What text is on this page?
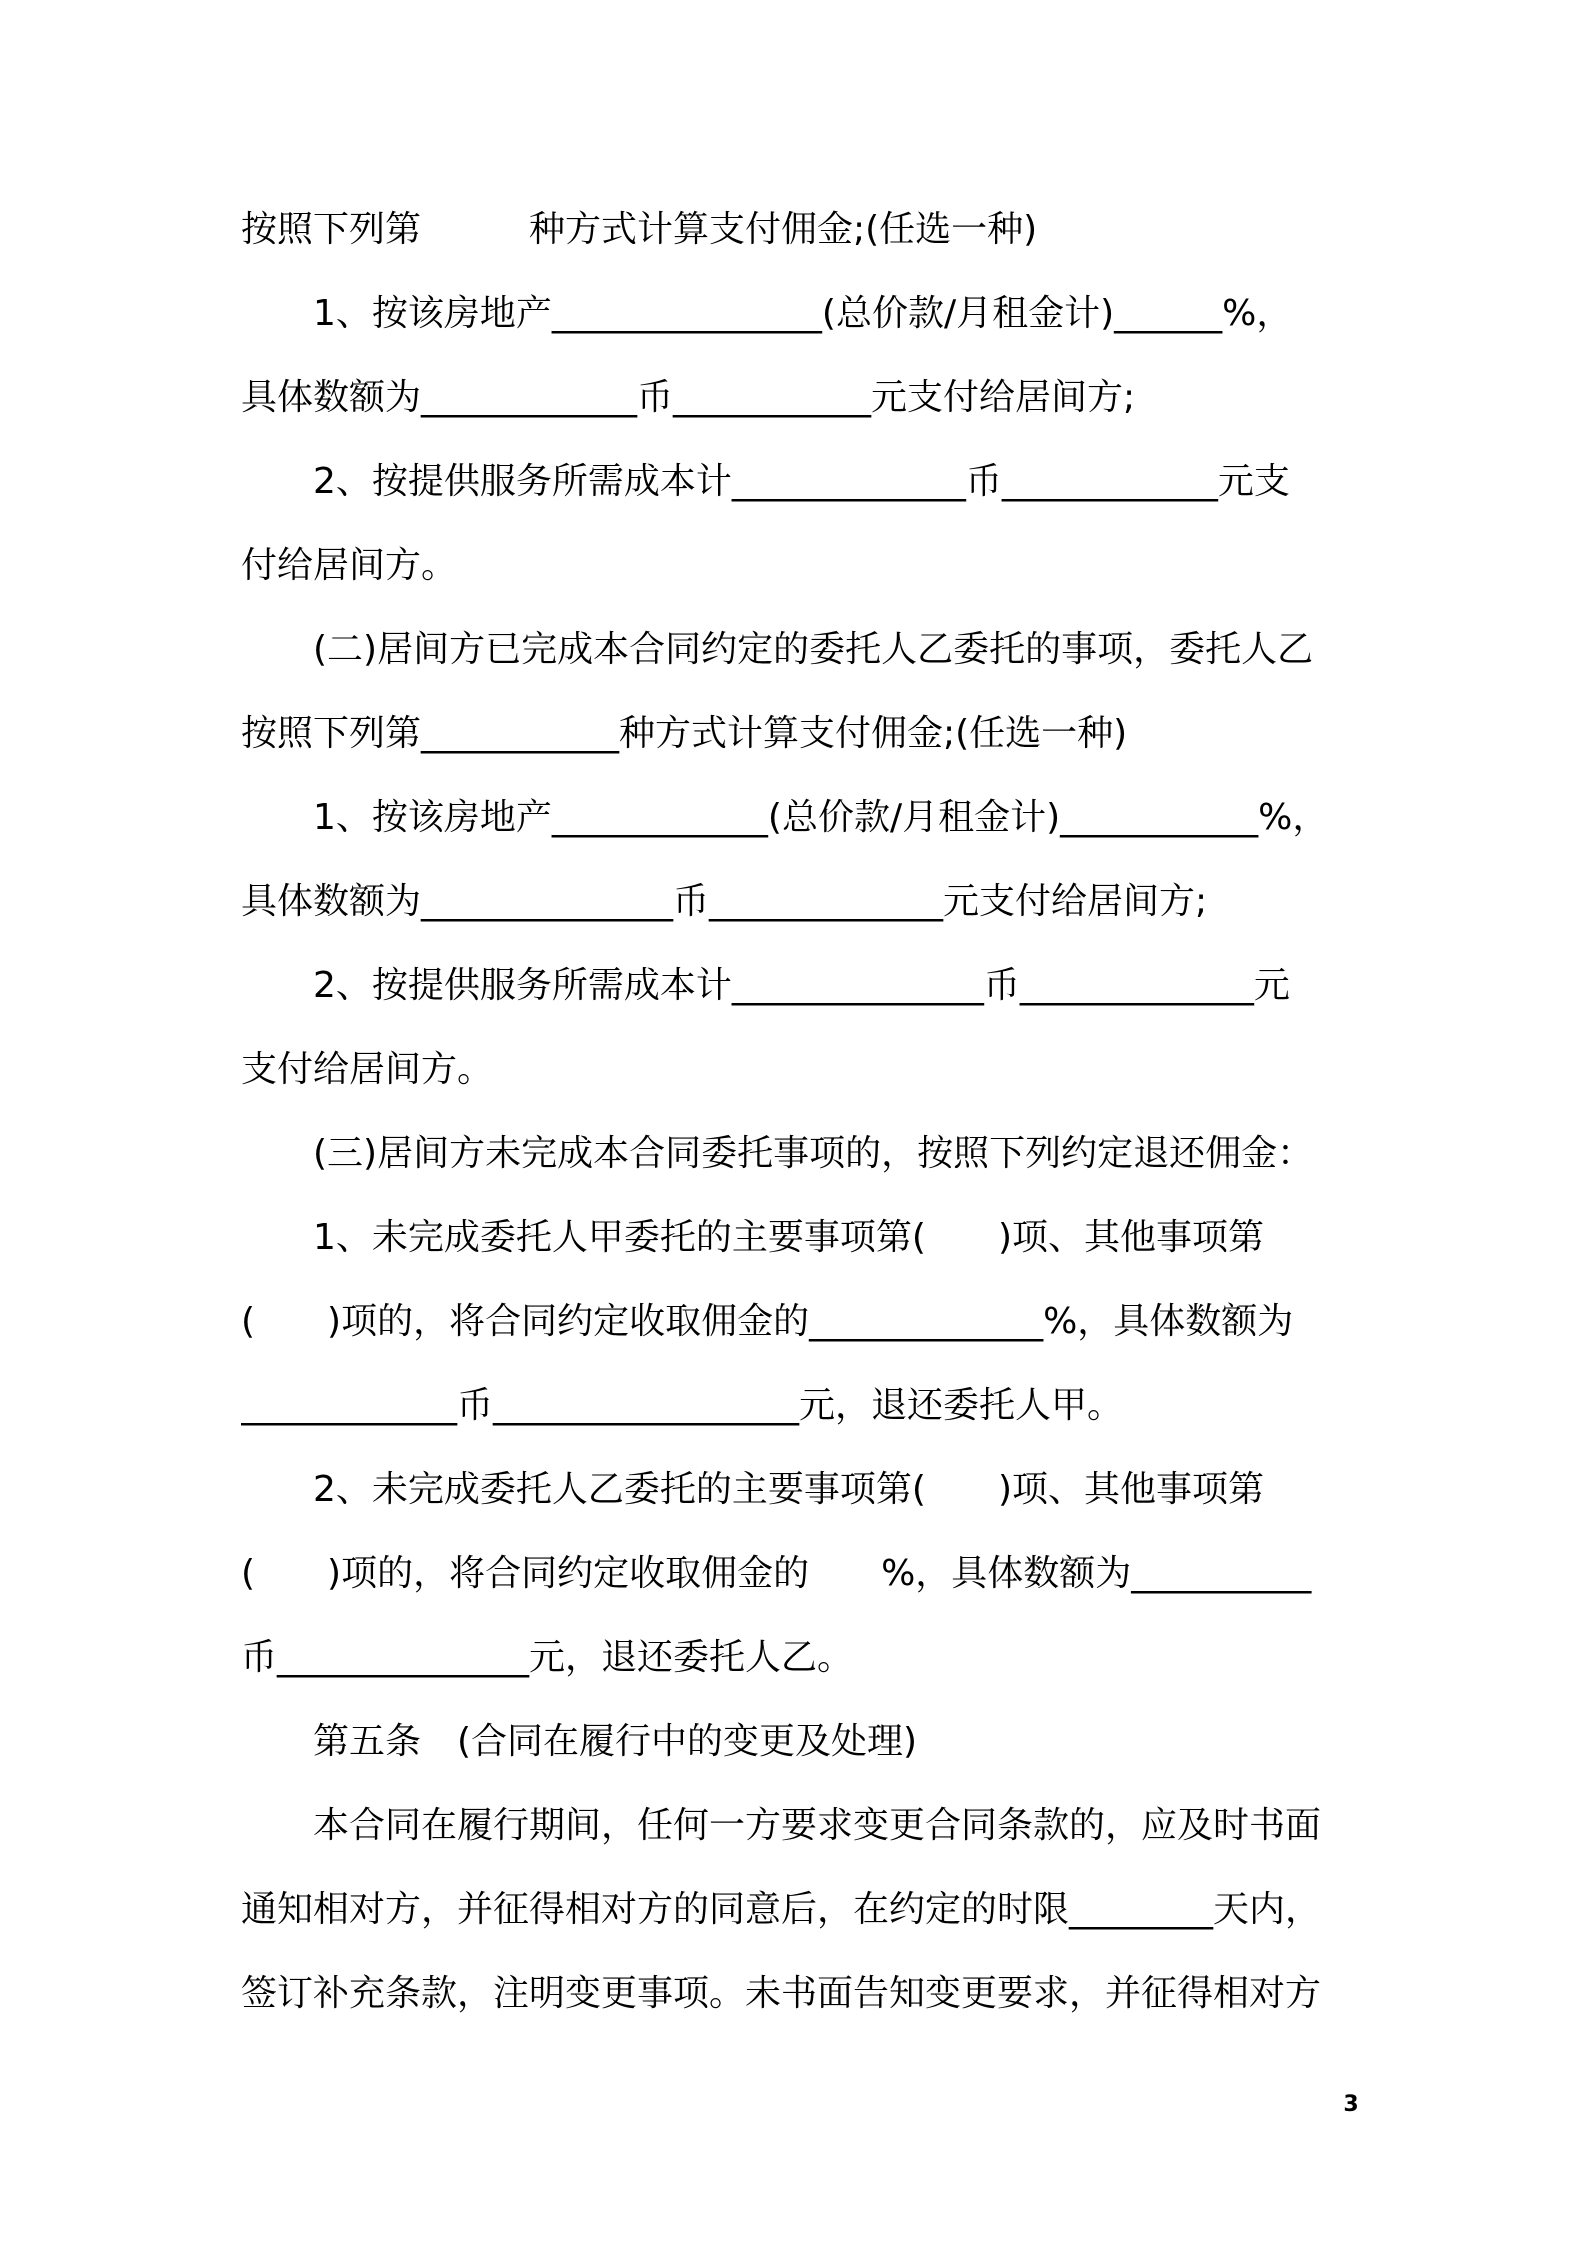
按照下列第　　　种方式计算支付佣金;(任选一种)
　　1、按该房地产_______________(总价款/月租金计)______%，
具体数额为____________币___________元支付给居间方;
　　2、按提供服务所需成本计_____________币____________元支
付给居间方。
　　(二)居间方已完成本合同约定的委托人乙委托的事项，委托人乙
按照下列第___________种方式计算支付佣金;(任选一种)
　　1、按该房地产____________(总价款/月租金计)___________%，
具体数额为______________币_____________元支付给居间方;
　　2、按提供服务所需成本计______________币_____________元
支付给居间方。
　　(三)居间方未完成本合同委托事项的，按照下列约定退还佣金：
　　1、未完成委托人甲委托的主要事项第(　　)项、其他事项第
(　　)项的，将合同约定收取佣金的_____________%，具体数额为
____________币_________________元，退还委托人甲。
　　2、未完成委托人乙委托的主要事项第(　　)项、其他事项第
(　　)项的，将合同约定收取佣金的　　%，具体数额为__________
币______________元，退还委托人乙。
　　第五条　(合同在履行中的变更及处理)
　　本合同在履行期间，任何一方要求变更合同条款的，应及时书面
通知相对方，并征得相对方的同意后，在约定的时限________天内，
签订补充条款，注明变更事项。未书面告知变更要求，并征得相对方
3
